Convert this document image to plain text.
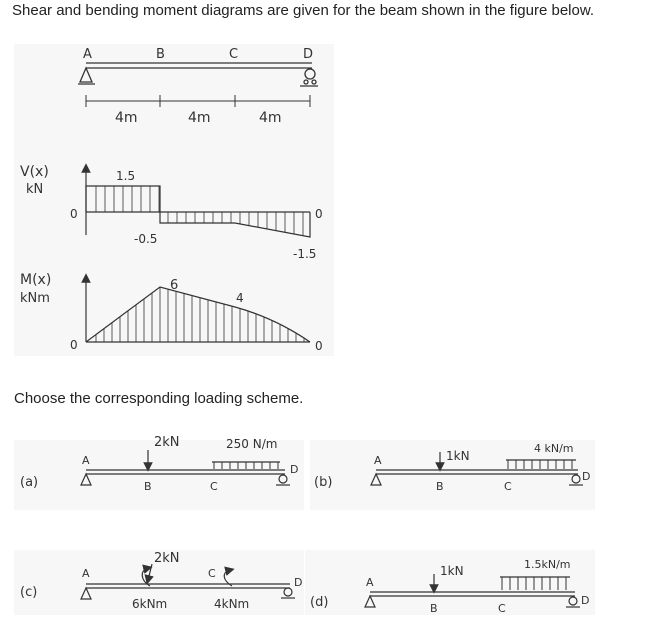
Shear and bending moment diagrams are given for the beam shown in the figure below.
Choose the corresponding loading scheme.
A	B	C	D
4m	4m	4m
V(x)
kN
0
1.5
-0.5
0
-1.5
M(x)
kNm
0
6
4
0
(a)
A
B	C
D
2kN	250 N/m
(b)
A
B	C
D
1kN
4 kN/m
(c)
A	C
D
2kN
6kNm	4kNm	(d)
A
B	C
D
1kN	1.5kN/m
